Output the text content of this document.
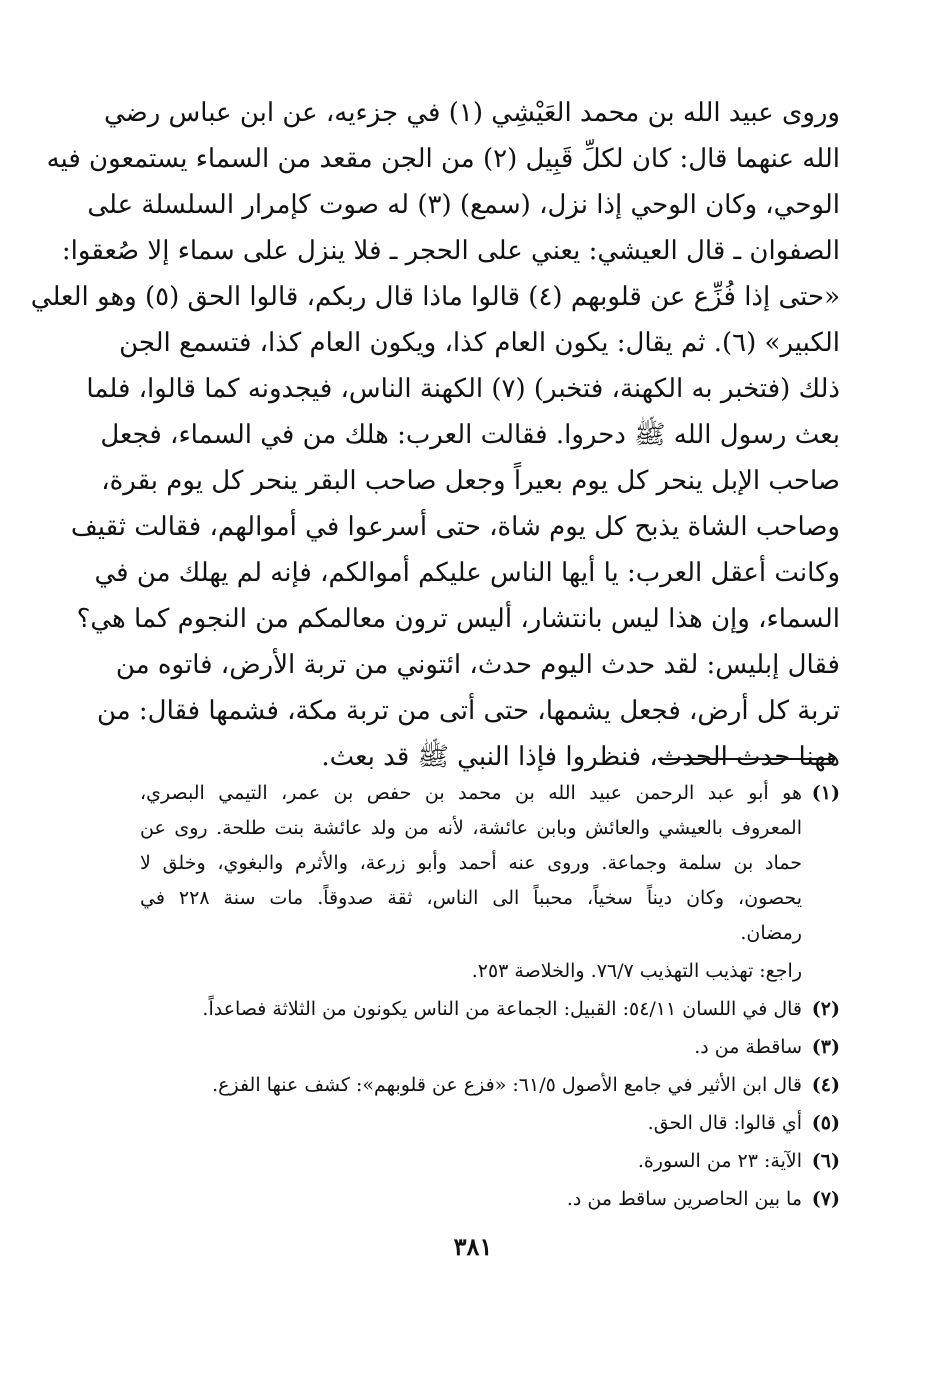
وروى عبيد الله بن محمد العَيْشِي (١) في جزءيه، عن ابن عباس رضي
الله عنهما قال: كان لكلِّ قَبِيل (٢) من الجن مقعد من السماء يستمعون فيه
الوحي، وكان الوحي إذا نزل، (سمع) (٣) له صوت كإمرار السلسلة على
الصفوان ـ قال العيشي: يعني على الحجر ـ فلا ينزل على سماء إلا صُعقوا:
«حتى إذا فُزِّع عن قلوبهم (٤) قالوا ماذا قال ربكم، قالوا الحق (٥) وهو العلي
الكبير» (٦). ثم يقال: يكون العام كذا، ويكون العام كذا، فتسمع الجن
ذلك (فتخبر به الكهنة، فتخبر) (٧) الكهنة الناس، فيجدونه كما قالوا، فلما
بعث رسول الله ﷺ دحروا. فقالت العرب: هلك من في السماء، فجعل
صاحب الإبل ينحر كل يوم بعيراً وجعل صاحب البقر ينحر كل يوم بقرة،
وصاحب الشاة يذبح كل يوم شاة، حتى أسرعوا في أموالهم، فقالت ثقيف
وكانت أعقل العرب: يا أيها الناس عليكم أموالكم، فإنه لم يهلك من في
السماء، وإن هذا ليس بانتشار، أليس ترون معالمكم من النجوم كما هي؟
فقال إبليس: لقد حدث اليوم حدث، ائتوني من تربة الأرض، فاتوه من
تربة كل أرض، فجعل يشمها، حتى أتى من تربة مكة، فشمها فقال: من
ههنا حدث الحدث، فنظروا فإذا النبي ﷺ قد بعث.
(١)
هو أبو عبد الرحمن عبيد الله بن محمد بن حفص بن عمر، التيمي البصري،
المعروف بالعيشي والعائش وبابن عائشة، لأنه من ولد عائشة بنت طلحة. روى عن
حماد بن سلمة وجماعة. وروى عنه أحمد وأبو زرعة، والأثرم والبغوي، وخلق لا
يحصون، وكان ديناً سخياً، محبباً الى الناس، ثقة صدوقاً. مات سنة ٢٢٨ في
رمضان.
راجع: تهذيب التهذيب ٧٦/٧. والخلاصة ٢٥٣.
(٢)
قال في اللسان ٥٤/١١: القبيل: الجماعة من الناس يكونون من الثلاثة فصاعداً.
(٣)
ساقطة من د.
(٤)
قال ابن الأثير في جامع الأصول ٦١/٥: «فزع عن قلوبهم»: كشف عنها الفزع.
(٥)
أي قالوا: قال الحق.
(٦)
الآية: ٢٣ من السورة.
(٧)
ما بين الحاصرين ساقط من د.
٣٨١
